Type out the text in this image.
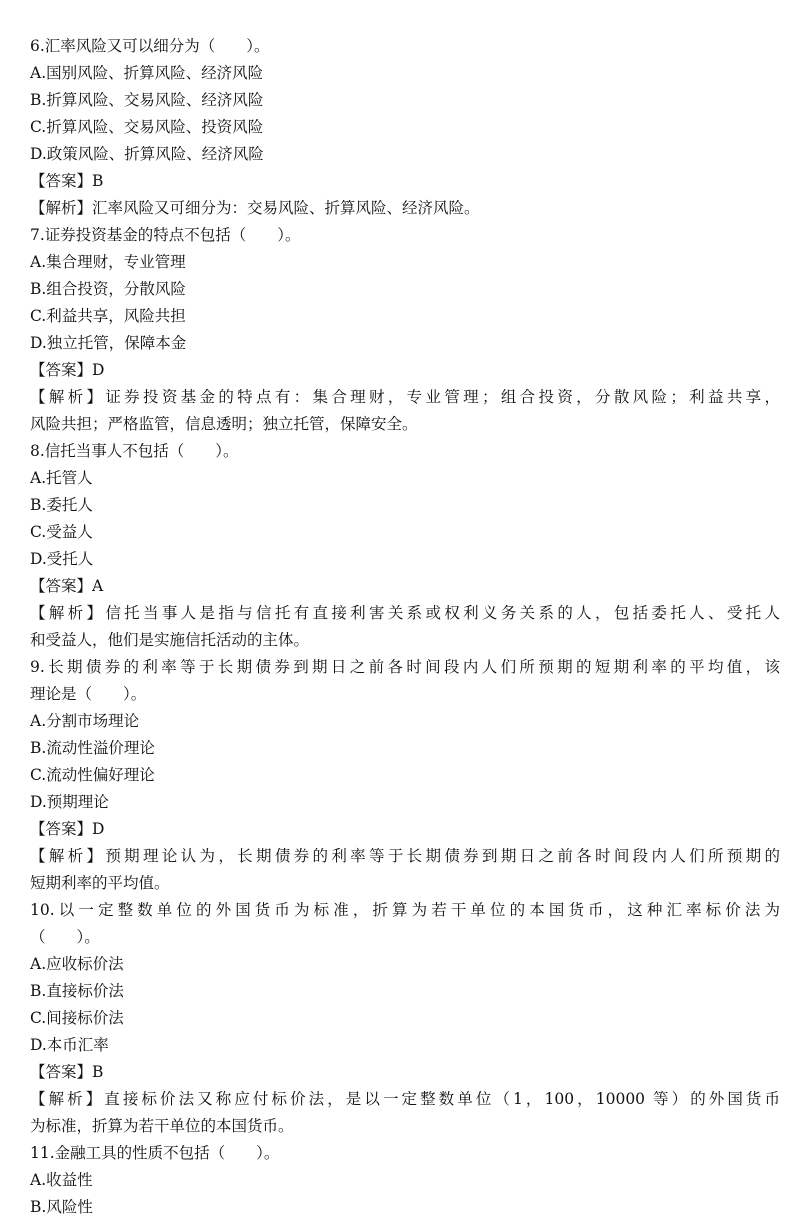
6.汇率风险又可以细分为（　　）。
A.国别风险、折算风险、经济风险
B.折算风险、交易风险、经济风险
C.折算风险、交易风险、投资风险
D.政策风险、折算风险、经济风险
【答案】B
【解析】汇率风险又可细分为：交易风险、折算风险、经济风险。
7.证券投资基金的特点不包括（　　）。
A.集合理财，专业管理
B.组合投资，分散风险
C.利益共享，风险共担
D.独立托管，保障本金
【答案】D
【解析】证券投资基金的特点有：集合理财，专业管理；组合投资，分散风险；利益共享，
风险共担；严格监管，信息透明；独立托管，保障安全。
8.信托当事人不包括（　　）。
A.托管人
B.委托人
C.受益人
D.受托人
【答案】A
【解析】信托当事人是指与信托有直接利害关系或权利义务关系的人，包括委托人、受托人
和受益人，他们是实施信托活动的主体。
9.长期债券的利率等于长期债券到期日之前各时间段内人们所预期的短期利率的平均值，该
理论是（　　）。
A.分割市场理论
B.流动性溢价理论
C.流动性偏好理论
D.预期理论
【答案】D
【解析】预期理论认为，长期债券的利率等于长期债券到期日之前各时间段内人们所预期的
短期利率的平均值。
10.以一定整数单位的外国货币为标准，折算为若干单位的本国货币，这种汇率标价法为
（　　）。
A.应收标价法
B.直接标价法
C.间接标价法
D.本币汇率
【答案】B
【解析】直接标价法又称应付标价法，是以一定整数单位（1，100，10000 等）的外国货币
为标准，折算为若干单位的本国货币。
11.金融工具的性质不包括（　　）。
A.收益性
B.风险性
